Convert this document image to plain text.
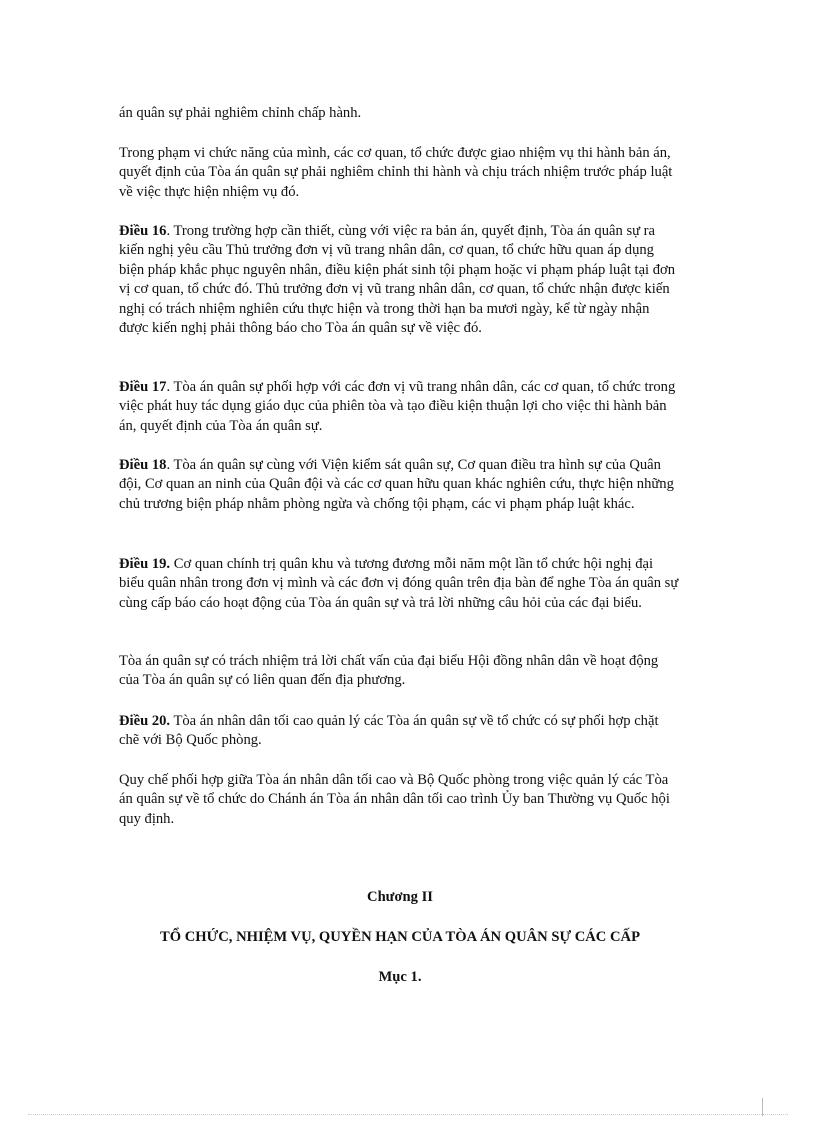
án quân sự phải nghiêm chỉnh chấp hành.

Trong phạm vi chức năng của mình, các cơ quan, tổ chức được giao nhiệm vụ thi hành bản án, quyết định của Tòa án quân sự phải nghiêm chỉnh thi hành và chịu trách nhiệm trước pháp luật về việc thực hiện nhiệm vụ đó.

Điều 16. Trong trường hợp cần thiết, cùng với việc ra bản án, quyết định, Tòa án quân sự ra kiến nghị yêu cầu Thủ trưởng đơn vị vũ trang nhân dân, cơ quan, tổ chức hữu quan áp dụng biện pháp khắc phục nguyên nhân, điều kiện phát sinh tội phạm hoặc vi phạm pháp luật tại đơn vị cơ quan, tổ chức đó. Thủ trưởng đơn vị vũ trang nhân dân, cơ quan, tổ chức nhận được kiến nghị có trách nhiệm nghiên cứu thực hiện và trong thời hạn ba mươi ngày, kể từ ngày nhận được kiến nghị phải thông báo cho Tòa án quân sự về việc đó.

Điều 17. Tòa án quân sự phối hợp với các đơn vị vũ trang nhân dân, các cơ quan, tổ chức trong việc phát huy tác dụng giáo dục của phiên tòa và tạo điều kiện thuận lợi cho việc thi hành bản án, quyết định của Tòa án quân sự.

Điều 18. Tòa án quân sự cùng với Viện kiểm sát quân sự, Cơ quan điều tra hình sự của Quân đội, Cơ quan an ninh của Quân đội và các cơ quan hữu quan khác nghiên cứu, thực hiện những chủ trương biện pháp nhằm phòng ngừa và chống tội phạm, các vi phạm pháp luật khác.

Điều 19. Cơ quan chính trị quân khu và tương đương mỗi năm một lần tổ chức hội nghị đại biểu quân nhân trong đơn vị mình và các đơn vị đóng quân trên địa bàn để nghe Tòa án quân sự cùng cấp báo cáo hoạt động của Tòa án quân sự và trả lời những câu hỏi của các đại biểu.

Tòa án quân sự có trách nhiệm trả lời chất vấn của đại biểu Hội đồng nhân dân về hoạt động của Tòa án quân sự có liên quan đến địa phương.

Điều 20. Tòa án nhân dân tối cao quản lý các Tòa án quân sự về tổ chức có sự phối hợp chặt chẽ với Bộ Quốc phòng.

Quy chế phối hợp giữa Tòa án nhân dân tối cao và Bộ Quốc phòng trong việc quản lý các Tòa án quân sự về tổ chức do Chánh án Tòa án nhân dân tối cao trình Ủy ban Thường vụ Quốc hội quy định.

Chương II

TỔ CHỨC, NHIỆM VỤ, QUYỀN HẠN CỦA TÒA ÁN QUÂN SỰ CÁC CẤP

Mục 1.
